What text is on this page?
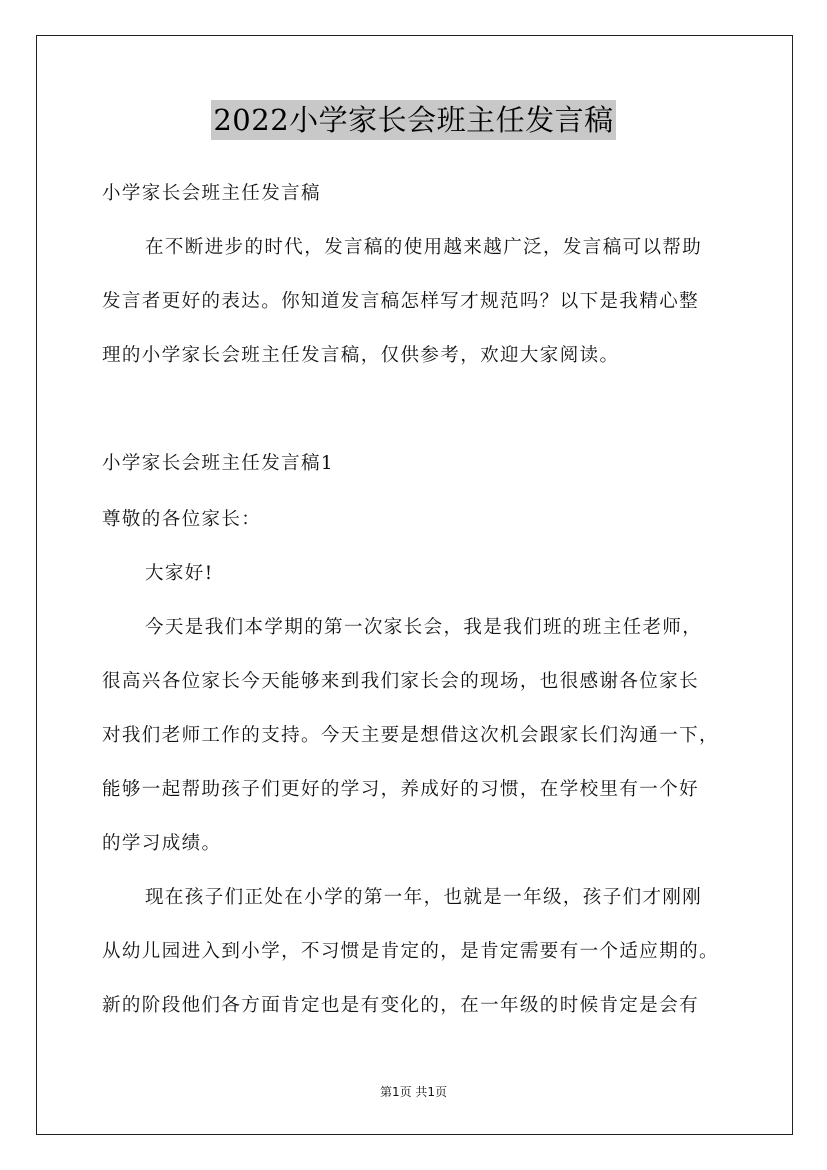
2022小学家长会班主任发言稿
小学家长会班主任发言稿
在不断进步的时代，发言稿的使用越来越广泛，发言稿可以帮助
发言者更好的表达。你知道发言稿怎样写才规范吗？以下是我精心整
理的小学家长会班主任发言稿，仅供参考，欢迎大家阅读。
小学家长会班主任发言稿1
尊敬的各位家长：
大家好!
今天是我们本学期的第一次家长会，我是我们班的班主任老师，
很高兴各位家长今天能够来到我们家长会的现场，也很感谢各位家长
对我们老师工作的支持。今天主要是想借这次机会跟家长们沟通一下，
能够一起帮助孩子们更好的学习，养成好的习惯，在学校里有一个好
的学习成绩。
现在孩子们正处在小学的第一年，也就是一年级，孩子们才刚刚
从幼儿园进入到小学，不习惯是肯定的，是肯定需要有一个适应期的。
新的阶段他们各方面肯定也是有变化的，在一年级的时候肯定是会有
第1页 共1页
